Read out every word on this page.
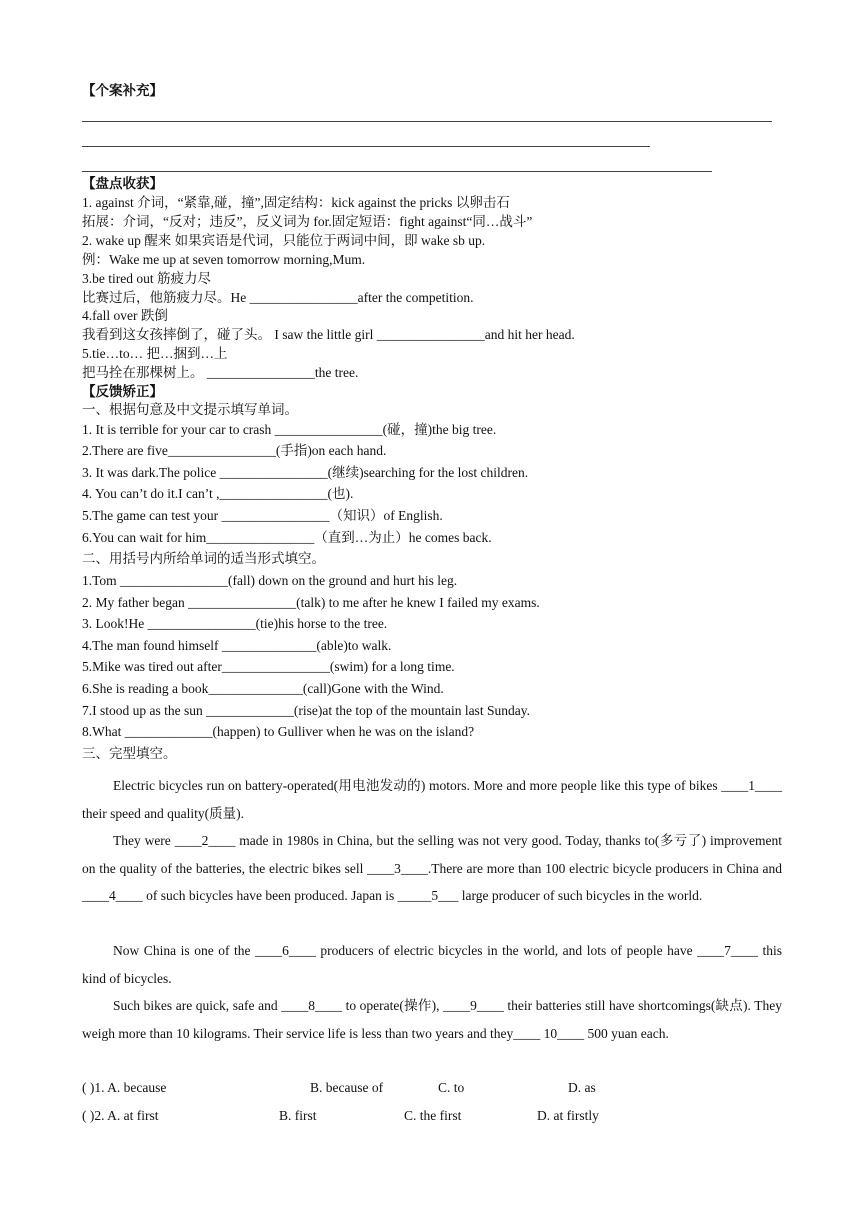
【个案补充】
【盘点收获】
1. against 介词，“紧靠,碰，撞”,固定结构：kick against the pricks 以卵击石
拓展：介词，“反对；违反”，反义词为 for.固定短语：fight against“同…战斗”
2. wake up 醒来 如果宾语是代词，只能位于两词中间，即 wake sb up.
例：Wake me up at seven tomorrow morning,Mum.
3.be tired out 筋疲力尽
比赛过后，他筋疲力尽。He ________________after the competition.
4.fall over 跌倒
我看到这女孩摔倒了，碰了头。 I saw the little girl ________________and hit her head.
5.tie…to… 把…捆到…上
把马拴在那棵树上。 ________________the tree.
【反馈矫正】
一、根据句意及中文提示填写单词。
1. It is terrible for your car to crash ________________(碰，撞)the big tree.
2.There are five________________(手指)on each hand.
3. It was dark.The police ________________(继续)searching for the lost children.
4. You can’t do it.I can’t ,________________(也).
5.The game can test your ________________（知识）of English.
6.You can wait for him________________（直到…为止）he comes back.
二、用括号内所给单词的适当形式填空。
1.Tom ________________(fall) down on the ground and hurt his leg.
2. My father began ________________(talk) to me after he knew I failed my exams.
3. Look!He ________________(tie)his horse to the tree.
4.The man found himself ______________(able)to walk.
5.Mike was tired out after________________(swim) for a long time.
6.She is reading a book______________(call)Gone with the Wind.
7.I stood up as the sun _____________(rise)at the top of the mountain last Sunday.
8.What _____________(happen) to Gulliver when he was on the island?
三、完型填空。
Electric bicycles run on battery-operated(用电池发动的) motors. More and more people like this type of bikes ____1____ their speed and quality(质量).
They were ____2____ made in 1980s in China, but the selling was not very good. Today, thanks to(多亏了) improvement on the quality of the batteries, the electric bikes sell ____3____.There are more than 100 electric bicycle producers in China and ____4____ of such bicycles have been produced. Japan is _____5___ large producer of such bicycles in the world.
Now China is one of the ____6____ producers of electric bicycles in the world, and lots of people have ____7____ this kind of bicycles.
Such bikes are quick, safe and ____8____ to operate(操作), ____9____ their batteries still have shortcomings(缺点). They weigh more than 10 kilograms. Their service life is less than two years and they____ 10____ 500 yuan each.
( )1. A. because	B. because of	C. to	D. as
( )2. A. at first	B. first	C. the first	D. at firstly
